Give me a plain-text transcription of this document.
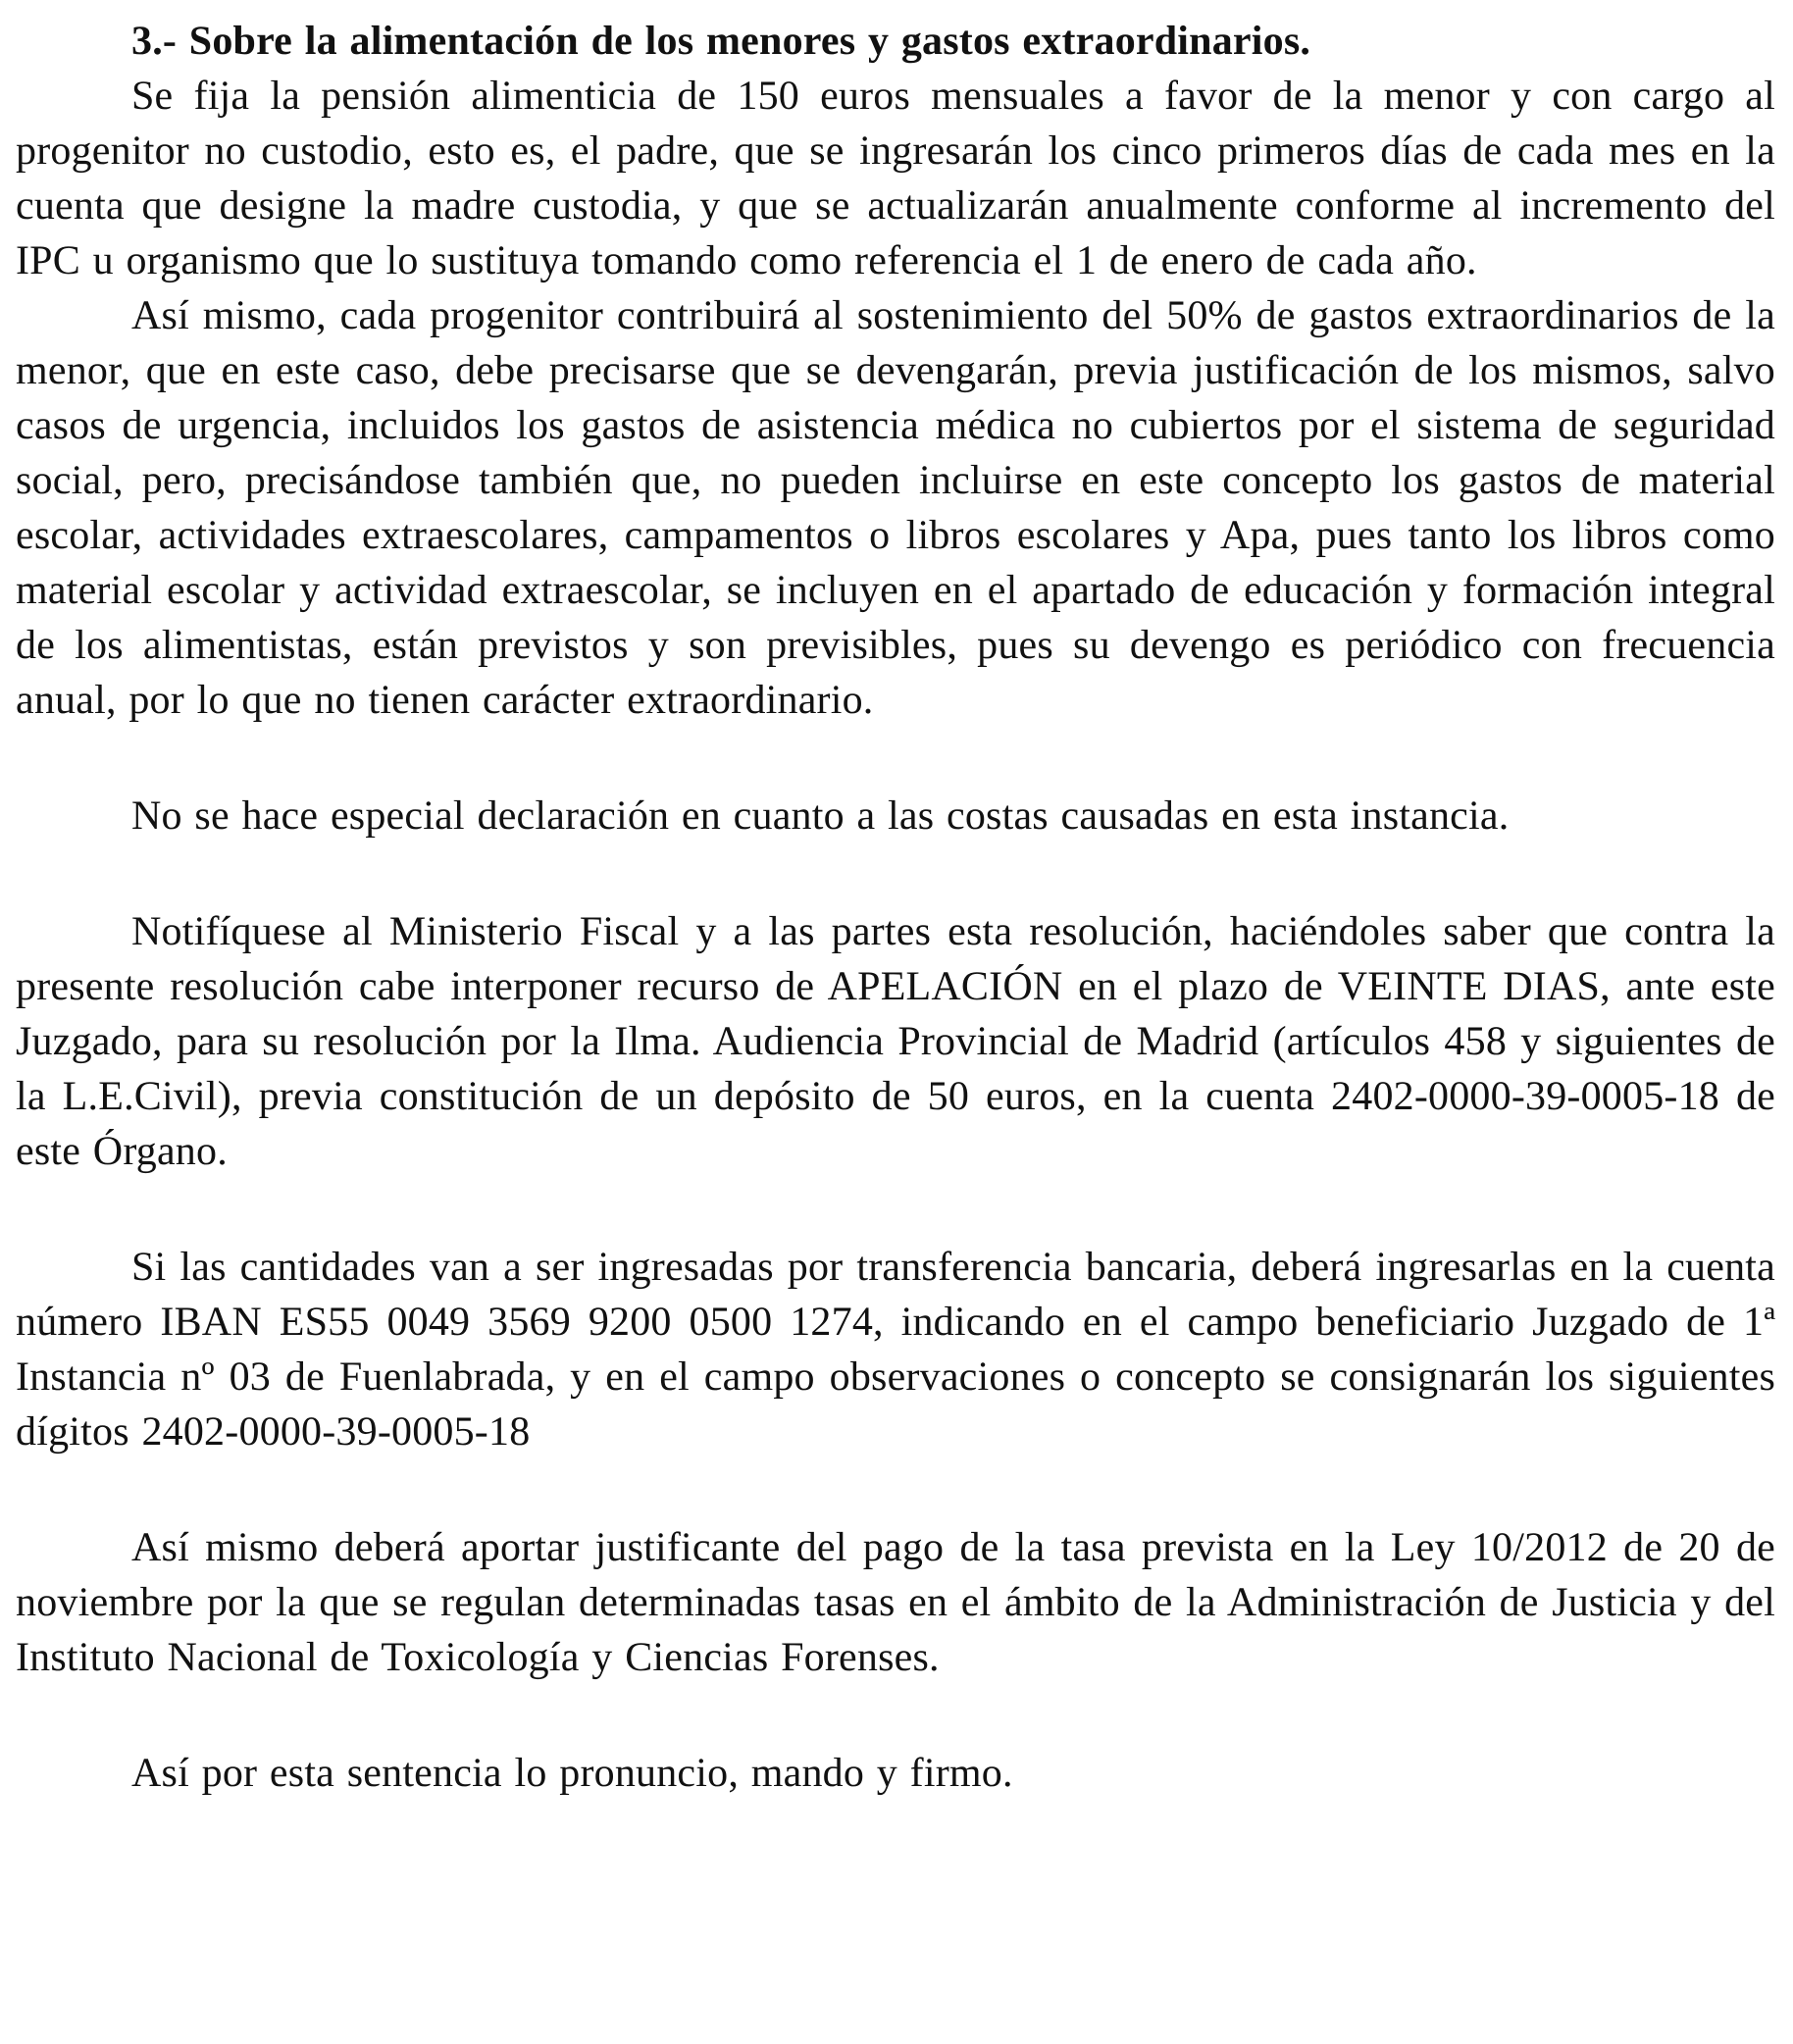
3.- Sobre la alimentación de los menores y gastos extraordinarios.

Se fija la pensión alimenticia de 150 euros mensuales a favor de la menor y con cargo al progenitor no custodio, esto es, el padre, que se ingresarán los cinco primeros días de cada mes en la cuenta que designe la madre custodia, y que se actualizarán anualmente conforme al incremento del IPC u organismo que lo sustituya tomando como referencia el 1 de enero de cada año.

Así mismo, cada progenitor contribuirá al sostenimiento del 50% de gastos extraordinarios de la menor, que en este caso, debe precisarse que se devengarán, previa justificación de los mismos, salvo casos de urgencia, incluidos los gastos de asistencia médica no cubiertos por el sistema de seguridad social, pero, precisándose también que, no pueden incluirse en este concepto los gastos de material escolar, actividades extraescolares, campamentos o libros escolares y Apa, pues tanto los libros como material escolar y actividad extraescolar, se incluyen en el apartado de educación y formación integral de los alimentistas, están previstos y son previsibles, pues su devengo es periódico con frecuencia anual, por lo que no tienen carácter extraordinario.

No se hace especial declaración en cuanto a las costas causadas en esta instancia.

Notifíquese al Ministerio Fiscal y a las partes esta resolución, haciéndoles saber que contra la presente resolución cabe interponer recurso de APELACIÓN en el plazo de VEINTE DIAS, ante este Juzgado, para su resolución por la Ilma. Audiencia Provincial de Madrid (artículos 458 y siguientes de la L.E.Civil), previa constitución de un depósito de 50 euros, en la cuenta 2402-0000-39-0005-18 de este Órgano.

Si las cantidades van a ser ingresadas por transferencia bancaria, deberá ingresarlas en la cuenta número IBAN ES55 0049 3569 9200 0500 1274, indicando en el campo beneficiario Juzgado de 1ª Instancia nº 03 de Fuenlabrada, y en el campo observaciones o concepto se consignarán los siguientes dígitos 2402-0000-39-0005-18

Así mismo deberá aportar justificante del pago de la tasa prevista en la Ley 10/2012 de 20 de noviembre por la que se regulan determinadas tasas en el ámbito de la Administración de Justicia y del Instituto Nacional de Toxicología y Ciencias Forenses.

Así por esta sentencia lo pronuncio, mando y firmo.
